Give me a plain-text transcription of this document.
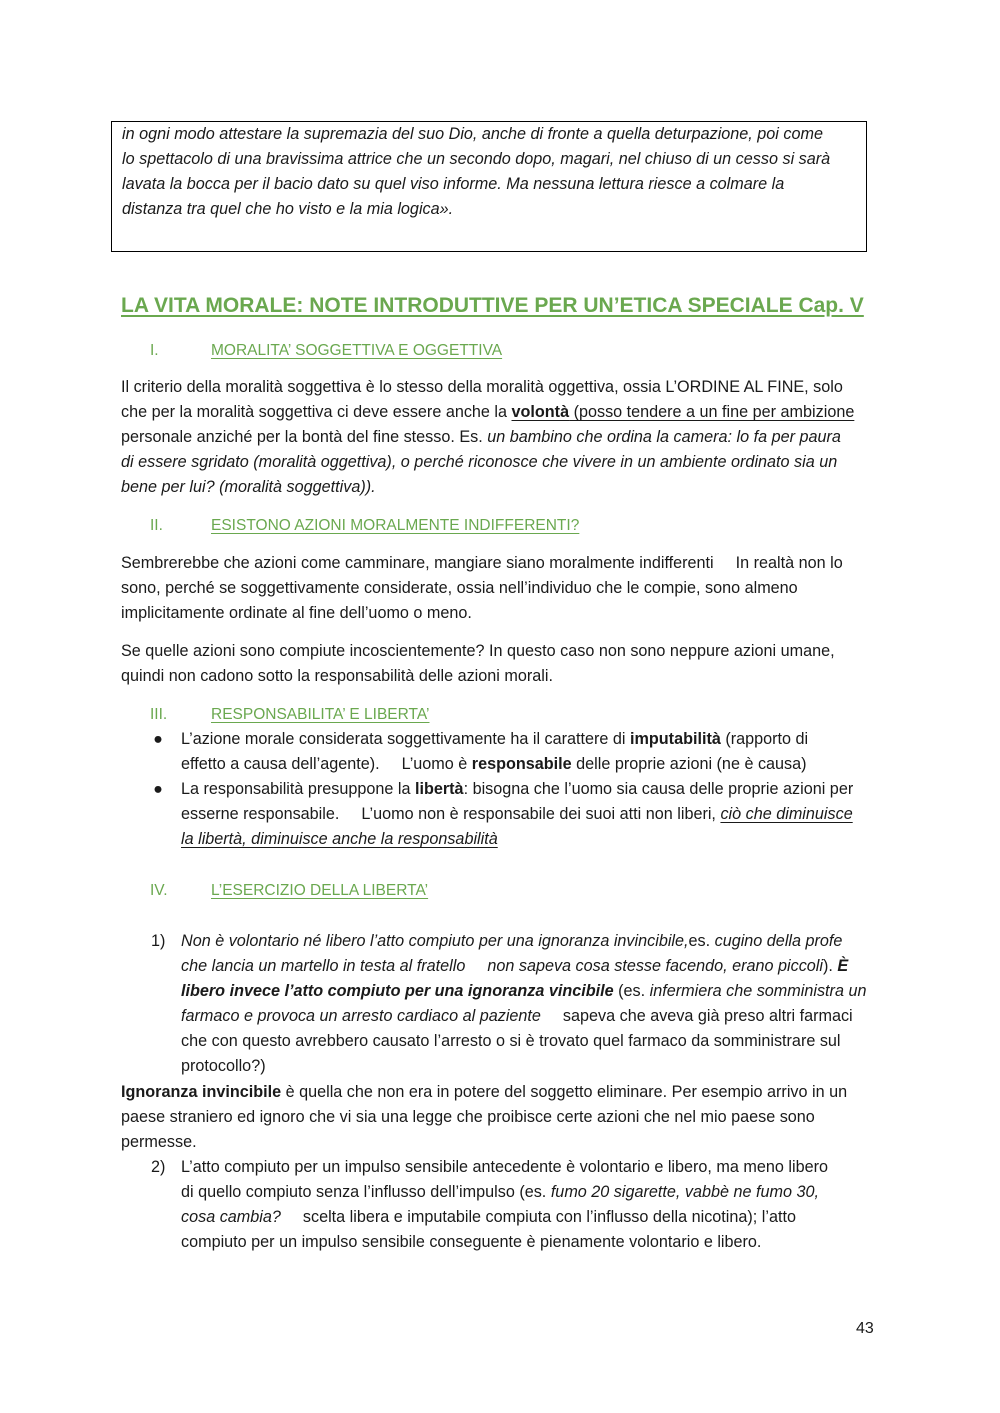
in ogni modo attestare la supremazia del suo Dio, anche di fronte a quella deturpazione, poi come
lo spettacolo di una bravissima attrice che un secondo dopo, magari, nel chiuso di un cesso si sarà
lavata la bocca per il bacio dato su quel viso informe. Ma nessuna lettura riesce a colmare la
distanza tra quel che ho visto e la mia logica».
LA VITA MORALE: NOTE INTRODUTTIVE PER UN’ETICA SPECIALE Cap. V
I.	MORALITA’ SOGGETTIVA E OGGETTIVA
Il criterio della moralità soggettiva è lo stesso della moralità oggettiva, ossia L’ORDINE AL FINE, solo
che per la moralità soggettiva ci deve essere anche la volontà (posso tendere a un fine per ambizione
personale anziché per la bontà del fine stesso. Es. un bambino che ordina la camera: lo fa per paura
di essere sgridato (moralità oggettiva), o perché riconosce che vivere in un ambiente ordinato sia un
bene per lui? (moralità soggettiva)).
II.	ESISTONO AZIONI MORALMENTE INDIFFERENTI?
Sembrerebbe che azioni come camminare, mangiare siano moralmente indifferenti In realtà non lo
sono, perché se soggettivamente considerate, ossia nell’individuo che le compie, sono almeno
implicitamente ordinate al fine dell’uomo o meno.
Se quelle azioni sono compiute incoscientemente? In questo caso non sono neppure azioni umane,
quindi non cadono sotto la responsabilità delle azioni morali.
III.	RESPONSABILITA’ E LIBERTA’
● L’azione morale considerata soggettivamente ha il carattere di imputabilità (rapporto di
effetto a causa dell’agente). L’uomo è responsabile delle proprie azioni (ne è causa)
● La responsabilità presuppone la libertà: bisogna che l’uomo sia causa delle proprie azioni per
esserne responsabile. L’uomo non è responsabile dei suoi atti non liberi, ciò che diminuisce
la libertà, diminuisce anche la responsabilità
IV.	L’ESERCIZIO DELLA LIBERTA’
1) Non è volontario né libero l’atto compiuto per una ignoranza invincibile,es. cugino della profe
che lancia un martello in testa al fratello non sapeva cosa stesse facendo, erano piccoli). È
libero invece l’atto compiuto per una ignoranza vincibile (es. infermiera che somministra un
farmaco e provoca un arresto cardiaco al paziente sapeva che aveva già preso altri farmaci
che con questo avrebbero causato l’arresto o si è trovato quel farmaco da somministrare sul
protocollo?)
Ignoranza invincibile è quella che non era in potere del soggetto eliminare. Per esempio arrivo in un
paese straniero ed ignoro che vi sia una legge che proibisce certe azioni che nel mio paese sono
permesse.
2) L’atto compiuto per un impulso sensibile antecedente è volontario e libero, ma meno libero
di quello compiuto senza l’influsso dell’impulso (es. fumo 20 sigarette, vabbè ne fumo 30,
cosa cambia? scelta libera e imputabile compiuta con l’influsso della nicotina); l’atto
compiuto per un impulso sensibile conseguente è pienamente volontario e libero.
43
